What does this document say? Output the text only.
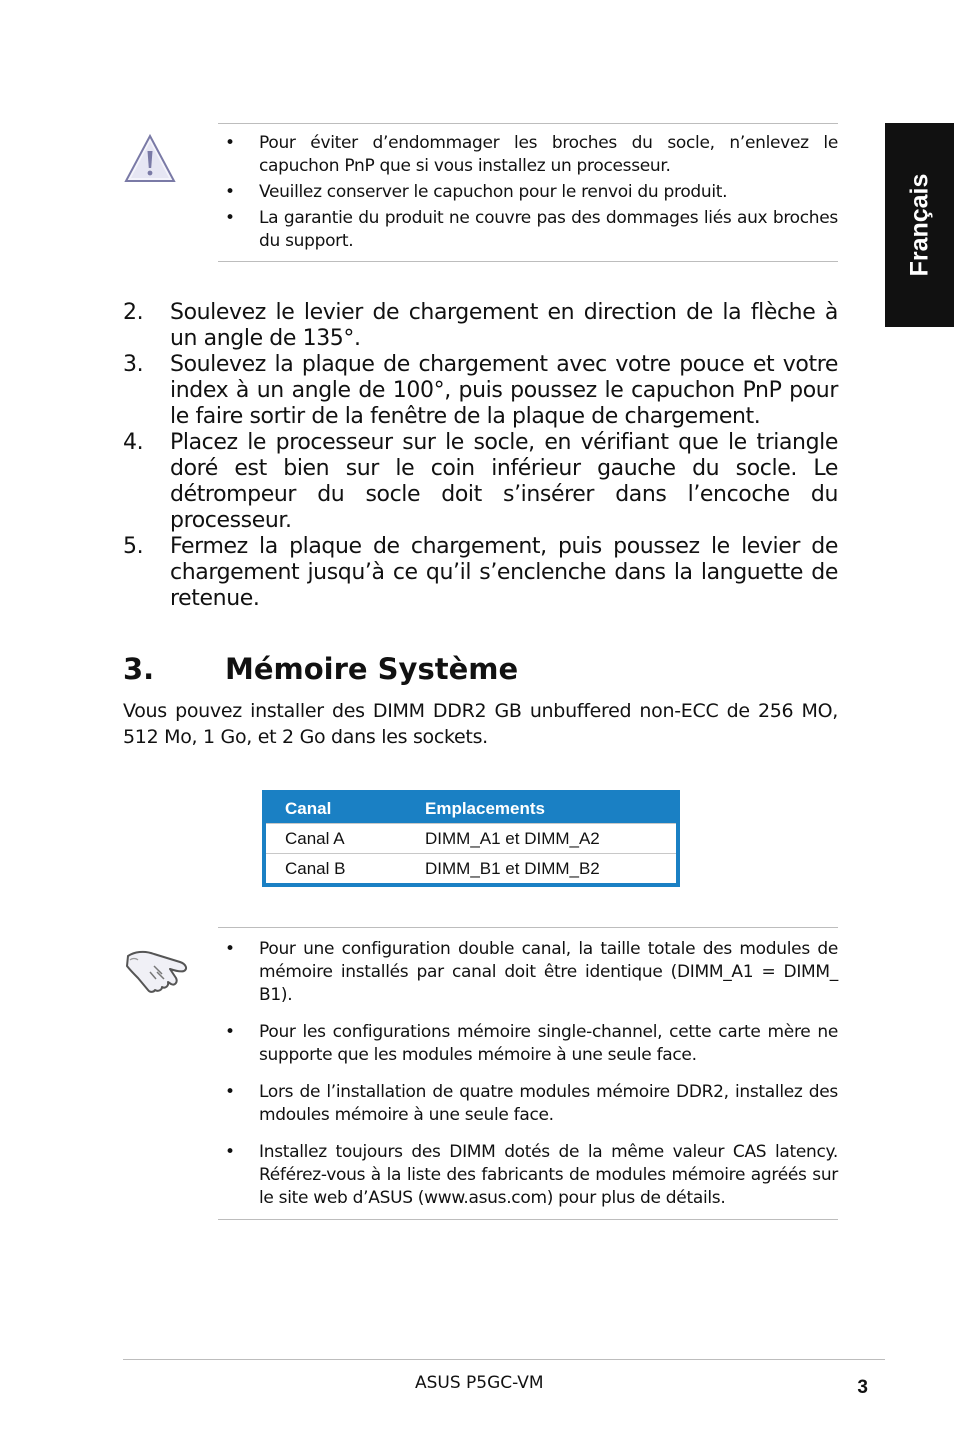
Français
• Pour éviter d’endommager les broches du socle, n’enlevez le capuchon PnP que si vous installez un processeur.
• Veuillez conserver le capuchon pour le renvoi du produit.
• La garantie du produit ne couvre pas des dommages liés aux broches du support.
2. Soulevez le levier de chargement en direction de la flèche à un angle de 135°.
3. Soulevez la plaque de chargement avec votre pouce et votre index à un angle de 100°, puis poussez le capuchon PnP pour le faire sortir de la fenêtre de la plaque de chargement.
4. Placez le processeur sur le socle, en vérifiant que le triangle doré est bien sur le coin inférieur gauche du socle. Le détrompeur du socle doit s’insérer dans l’encoche du processeur.
5. Fermez la plaque de chargement, puis poussez le levier de chargement jusqu’à ce qu’il s’enclenche dans la languette de retenue.
3. Mémoire Système

Vous pouvez installer des DIMM DDR2 GB unbuffered non-ECC de 256 MO, 512 Mo, 1 Go, et 2 Go dans les sockets.

Canal	Emplacements
Canal A	DIMM_A1 et DIMM_A2
Canal B	DIMM_B1 et DIMM_B2
• Pour une configuration double canal, la taille totale des modules de mémoire installés par canal doit être identique (DIMM_A1 = DIMM_ B1).
• Pour les configurations mémoire single-channel, cette carte mère ne supporte que les modules mémoire à une seule face.
• Lors de l’installation de quatre modules mémoire DDR2, installez des mdoules mémoire à une seule face.
• Installez toujours des DIMM dotés de la même valeur CAS latency. Référez-vous à la liste des fabricants de modules mémoire agréés sur le site web d’ASUS (www.asus.com) pour plus de détails.
ASUS P5GC-VM	3
